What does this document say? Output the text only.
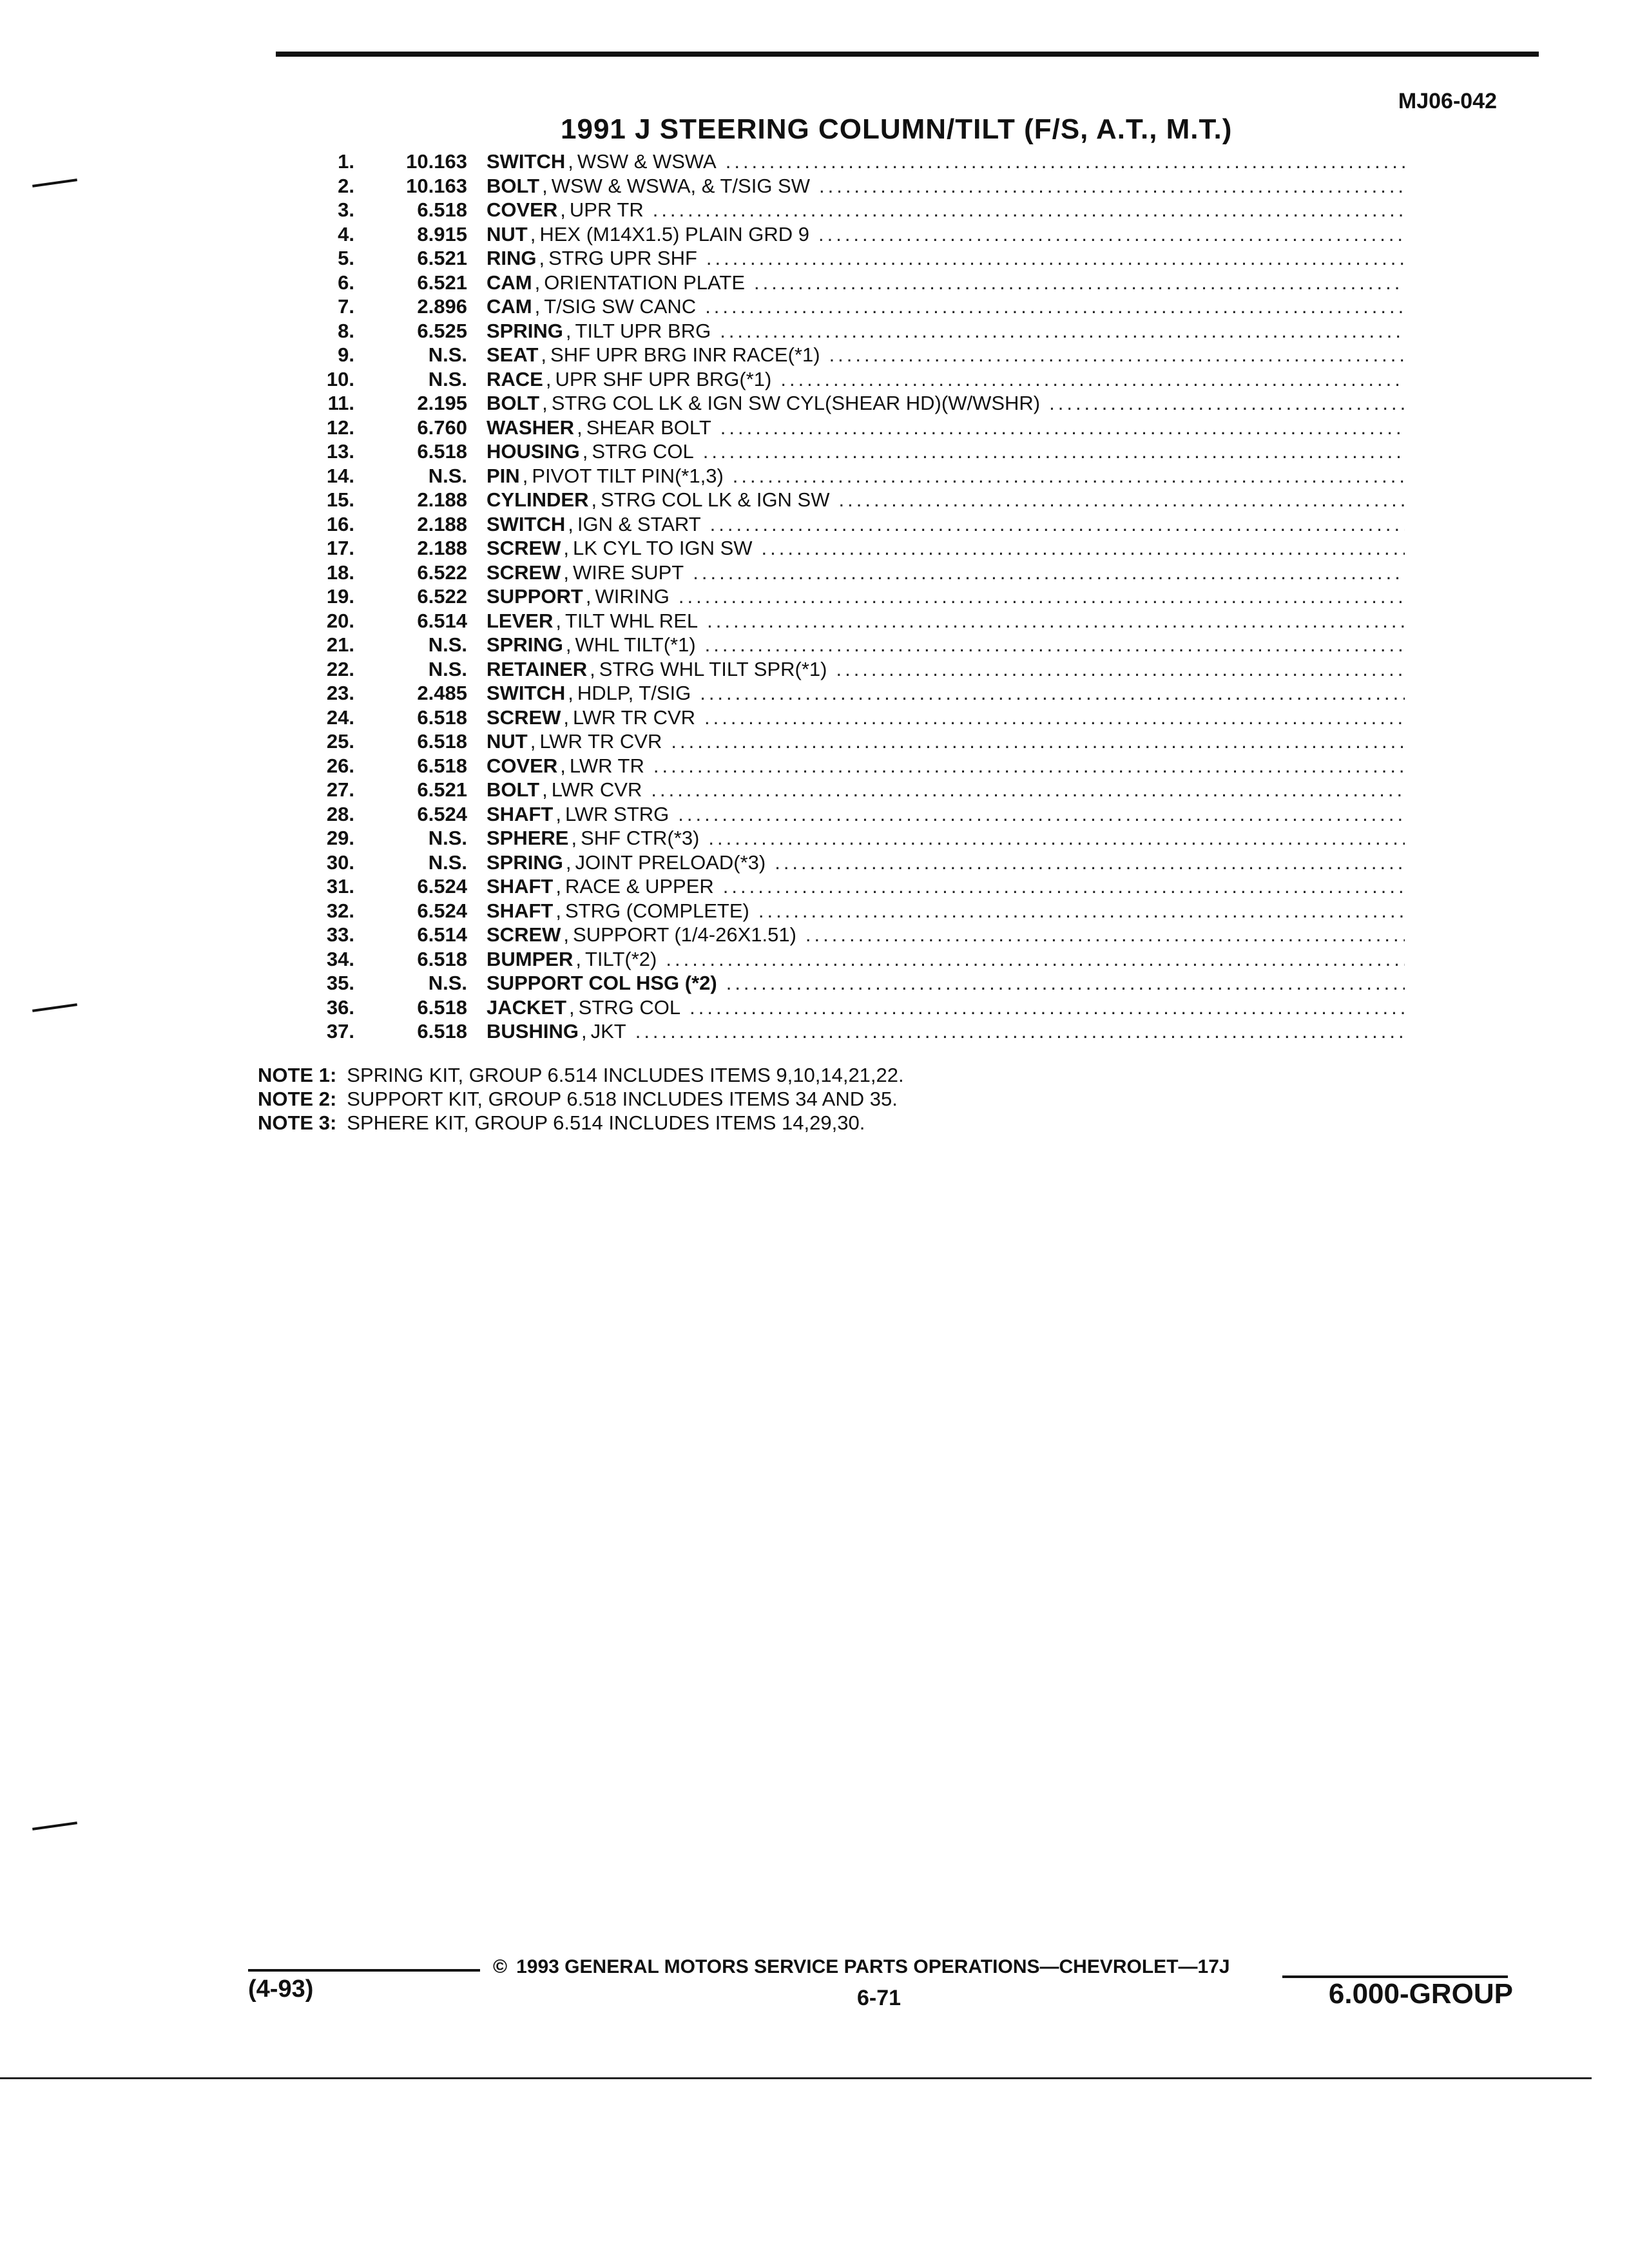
MJ06-042
1991 J STEERING COLUMN/TILT (F/S, A.T., M.T.)
1.	10.163 SWITCH , WSW & WSWA
.....
2.	10.163 BOLT , WSW & WSWA, & T/SIG SW
.....
3.	6.518 COVER , UPR TR
.....
4.	8.915 NUT , HEX (M14X1.5) PLAIN GRD 9
.....
5.	6.521 RING , STRG UPR SHF
.....
6.	6.521 CAM , ORIENTATION PLATE
.....
7.	2.896 CAM , T/SIG SW CANC
.....
8.	6.525 SPRING , TILT UPR BRG
.....
9.	N.S. SEAT , SHF UPR BRG INR RACE(*1)
.....
10.	N.S. RACE , UPR SHF UPR BRG(*1)
.....
11.	2.195 BOLT , STRG COL LK & IGN SW CYL(SHEAR HD)(W/WSHR)
.....
12.	6.760 WASHER , SHEAR BOLT
.....
13.	6.518 HOUSING , STRG COL
.....
14.	N.S. PIN , PIVOT TILT PIN(*1,3)
.....
15.	2.188 CYLINDER , STRG COL LK & IGN SW
.....
16.	2.188 SWITCH , IGN & START
.....
17.	2.188 SCREW , LK CYL TO IGN SW
.....
18.	6.522 SCREW , WIRE SUPT
.....
19.	6.522 SUPPORT , WIRING
.....
20.	6.514 LEVER , TILT WHL REL
.....
21.	N.S. SPRING , WHL TILT(*1)
.....
22.	N.S. RETAINER , STRG WHL TILT SPR(*1)
.....
23.	2.485 SWITCH , HDLP, T/SIG
.....
24.	6.518 SCREW , LWR TR CVR
.....
25.	6.518 NUT , LWR TR CVR
.....
26.	6.518 COVER , LWR TR
.....
27.	6.521 BOLT , LWR CVR
.....
28.	6.524 SHAFT , LWR STRG
.....
29.	N.S. SPHERE , SHF CTR(*3)
.....
30.	N.S. SPRING , JOINT PRELOAD(*3)
.....
31.	6.524 SHAFT , RACE & UPPER
.....
32.	6.524 SHAFT , STRG (COMPLETE)
.....
33.	6.514 SCREW , SUPPORT (1/4-26X1.51)
.....
34.	6.518 BUMPER , TILT(*2)
.....
35.	N.S. SUPPORT COL HSG (*2)
.....
36.	6.518 JACKET , STRG COL
.....
37.	6.518 BUSHING , JKT
.....
NOTE 1: SPRING KIT, GROUP 6.514 INCLUDES ITEMS 9,10,14,21,22.
NOTE 2: SUPPORT KIT, GROUP 6.518 INCLUDES ITEMS 34 AND 35.
NOTE 3: SPHERE KIT, GROUP 6.514 INCLUDES ITEMS 14,29,30.
© 1993 GENERAL MOTORS SERVICE PARTS OPERATIONS—CHEVROLET—17J
(4-93)	6-71	6.000-GROUP
